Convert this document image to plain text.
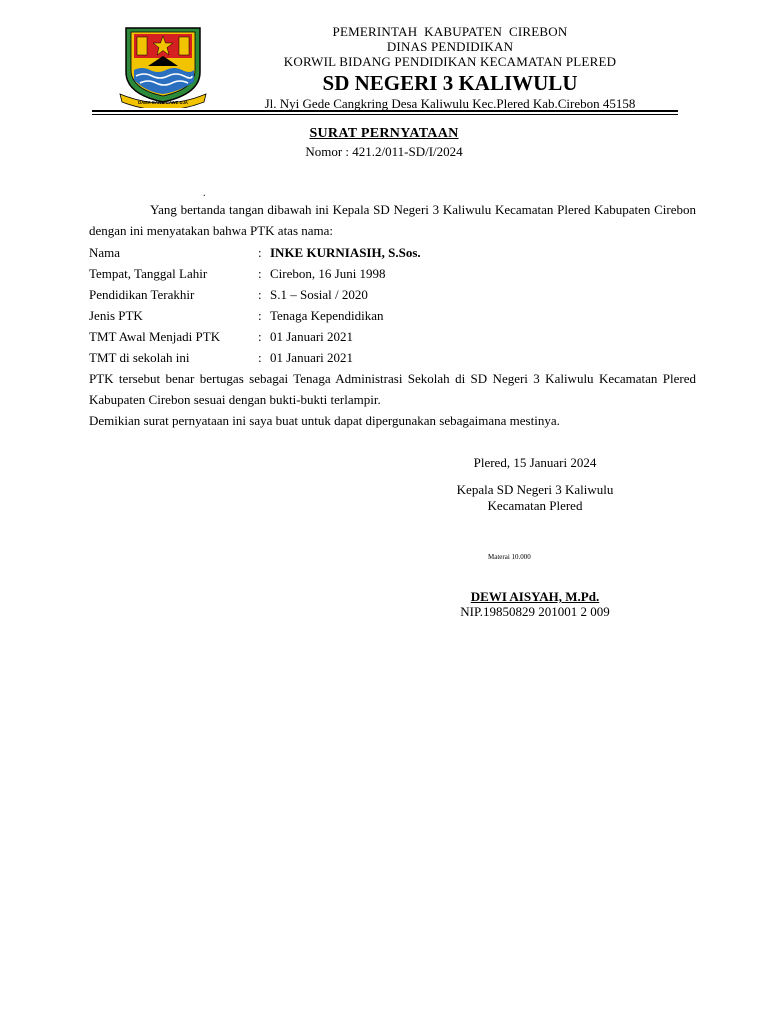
DAMA GAWE GAWE DJA
PEMERINTAH  KABUPATEN  CIREBON
DINAS PENDIDIKAN
KORWIL BIDANG PENDIDIKAN KECAMATAN PLERED
SD NEGERI 3 KALIWULU
Jl. Nyi Gede Cangkring Desa Kaliwulu Kec.Plered Kab.Cirebon 45158
SURAT PERNYATAAN
Nomor : 421.2/011-SD/I/2024
.
Yang bertanda tangan dibawah ini Kepala SD Negeri 3 Kaliwulu Kecamatan Plered Kabupaten Cirebon dengan ini menyatakan bahwa PTK atas nama:
Nama	: INKE KURNIASIH, S.Sos.
Tempat, Tanggal Lahir	: Cirebon, 16 Juni 1998
Pendidikan Terakhir	: S.1 – Sosial / 2020
Jenis PTK	: Tenaga Kependidikan
TMT Awal Menjadi PTK	: 01 Januari 2021
TMT di sekolah ini	: 01 Januari 2021
PTK tersebut benar bertugas sebagai Tenaga Administrasi Sekolah di SD Negeri 3 Kaliwulu Kecamatan Plered Kabupaten Cirebon sesuai dengan bukti-bukti terlampir.
Demikian surat pernyataan ini saya buat untuk dapat dipergunakan sebagaimana mestinya.
Plered, 15 Januari 2024
Kepala SD Negeri 3 Kaliwulu
Kecamatan Plered
Materai 10.000
DEWI AISYAH, M.Pd.
NIP.19850829 201001 2 009
